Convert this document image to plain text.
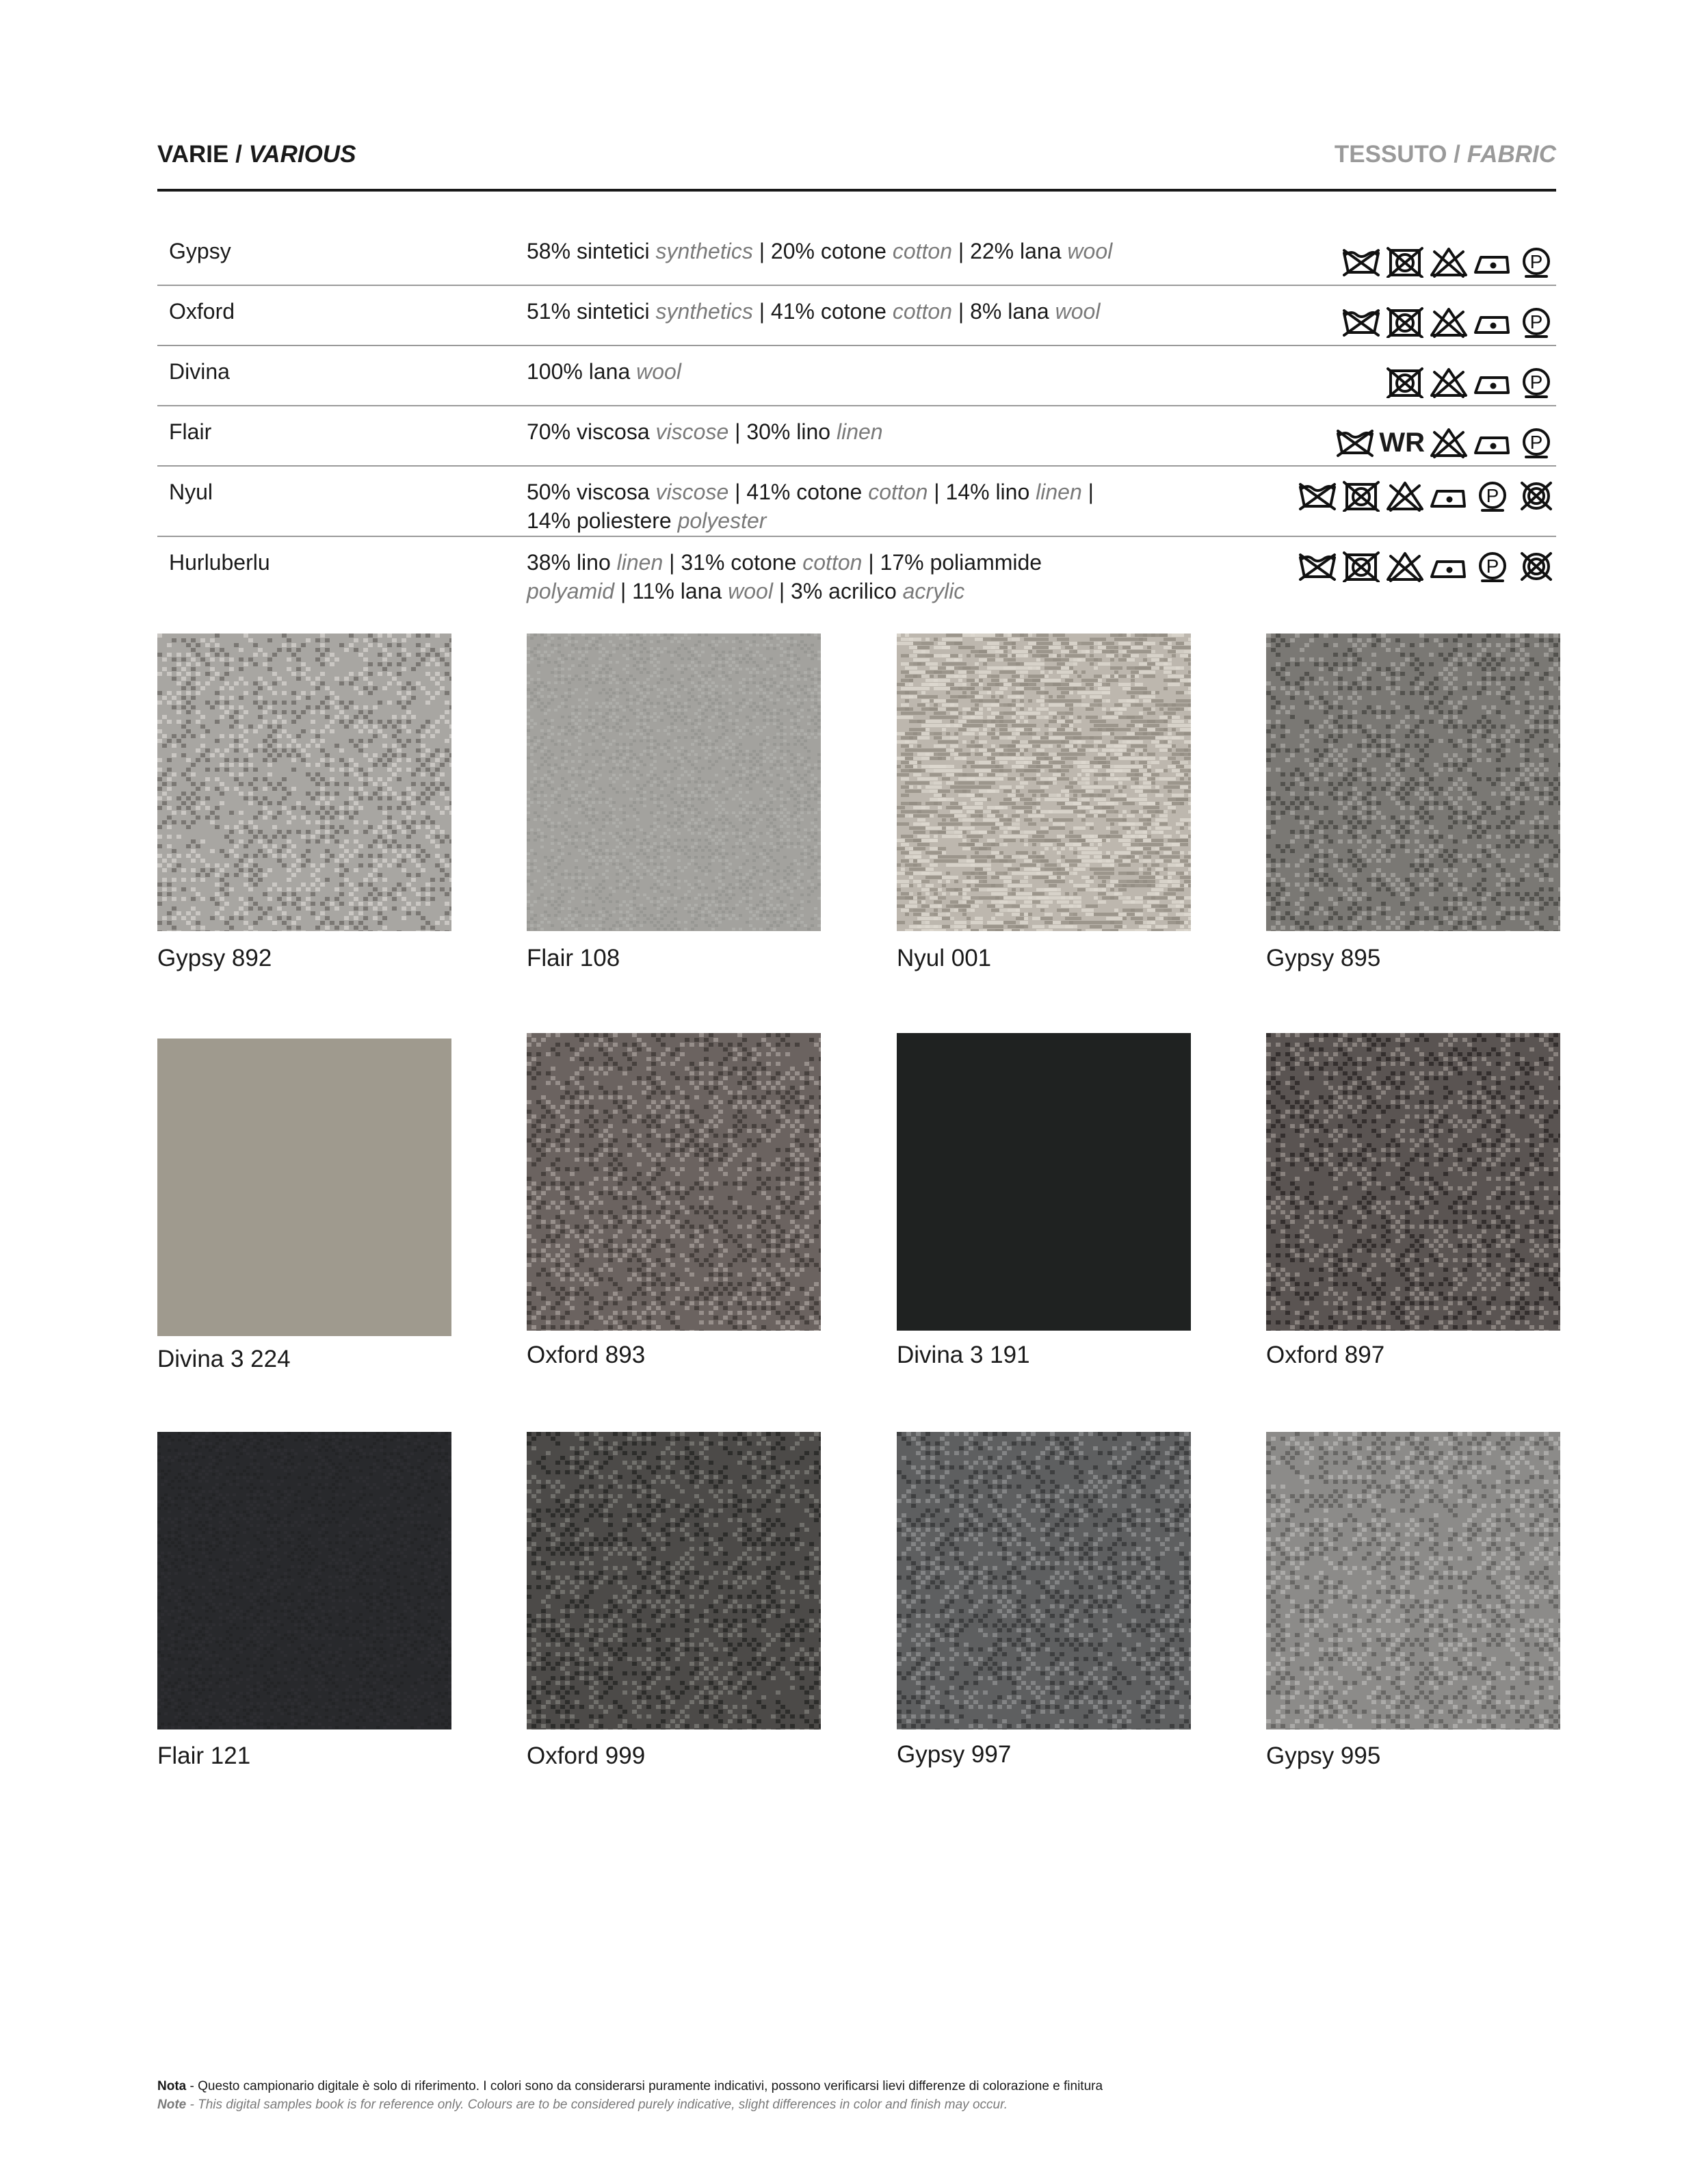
VARIE / VARIOUS	TESSUTO / FABRIC
Gypsy	58% sintetici synthetics | 20% cotone cotton | 22% lana wool	P
Oxford	51% sintetici synthetics | 41% cotone cotton | 8% lana wool	P
Divina	100% lana wool	P
Flair	70% viscosa viscose | 30% lino linen	WR	P
Nyul	50% viscosa viscose | 41% cotone cotton | 14% lino linen |
14% poliestere polyester
P
Hurluberlu	38% lino linen | 31% cotone cotton | 17% poliammide
polyamid | 11% lana wool | 3% acrilico acrylic
P
Gypsy 892	Flair 108	Nyul 001	Gypsy 895
Divina 3 224	Oxford 893	Divina 3 191	Oxford 897
Flair 121	Oxford 999	Gypsy 997	Gypsy 995
Nota - Questo campionario digitale è solo di riferimento. I colori sono da considerarsi puramente indicativi, possono verificarsi lievi differenze di colorazione e finitura
Note - This digital samples book is for reference only. Colours are to be considered purely indicative, slight differences in color and finish may occur.
